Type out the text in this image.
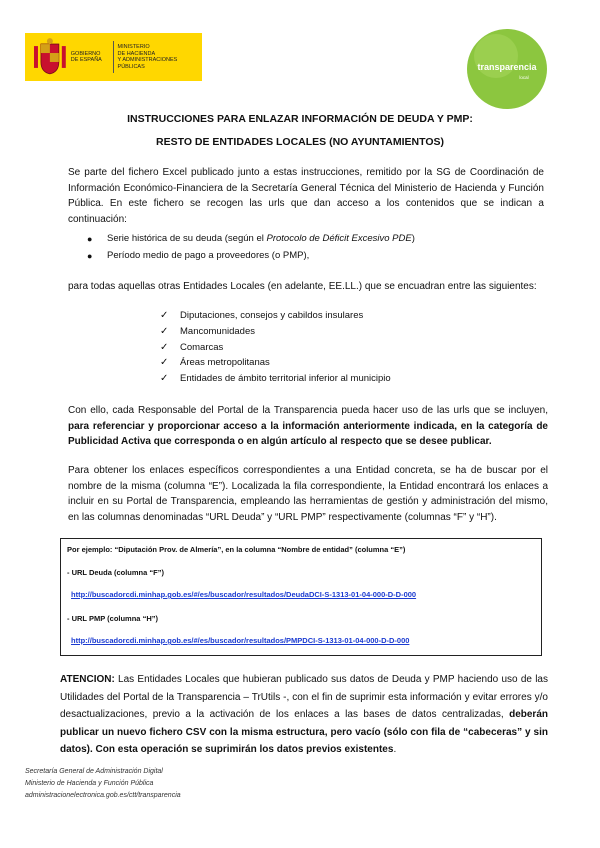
GOBIERNO
DE ESPAÑA
MINISTERIO
DE HACIENDA
Y ADMINISTRACIONES PÚBLICAS	transparencia
local
INSTRUCCIONES PARA ENLAZAR INFORMACIÓN DE DEUDA Y PMP:
RESTO DE ENTIDADES LOCALES (NO AYUNTAMIENTOS)
Se parte del fichero Excel publicado junto a estas instrucciones, remitido por la SG de Coordinación de Información Económico-Financiera de la Secretaría General Técnica del Ministerio de Hacienda y Función Pública. En este fichero se recogen las urls que dan acceso a los contenidos que se indican a continuación:
● Serie histórica de su deuda (según el Protocolo de Déficit Excesivo PDE)
● Período medio de pago a proveedores (o PMP),
para todas aquellas otras Entidades Locales (en adelante, EE.LL.) que se encuadran entre las siguientes:
✓ Diputaciones, consejos y cabildos insulares
✓ Mancomunidades
✓ Comarcas
✓ Áreas metropolitanas
✓ Entidades de ámbito territorial inferior al municipio
Con ello, cada Responsable del Portal de la Transparencia pueda hacer uso de las urls que se incluyen, para referenciar y proporcionar acceso a la información anteriormente indicada, en la categoría de Publicidad Activa que corresponda o en algún artículo al respecto que se desee publicar.
Para obtener los enlaces específicos correspondientes a una Entidad concreta, se ha de buscar por el nombre de la misma (columna “E”). Localizada la fila correspondiente, la Entidad encontrará los enlaces a incluir en su Portal de Transparencia, empleando las herramientas de gestión y administración del mismo, en las columnas denominadas “URL Deuda” y “URL PMP” respectivamente (columnas “F” y “H”).
Por ejemplo: “Diputación Prov. de Almería”, en la columna “Nombre de entidad” (columna “E”)
- URL Deuda (columna “F”)
http://buscadorcdi.minhap.gob.es/#/es/buscador/resultados/DeudaDCI-S-1313-01-04-000-D-D-000
- URL PMP (columna “H”)
http://buscadorcdi.minhap.gob.es/#/es/buscador/resultados/PMPDCI-S-1313-01-04-000-D-D-000
ATENCION: Las Entidades Locales que hubieran publicado sus datos de Deuda y PMP haciendo uso de las Utilidades del Portal de la Transparencia – TrUtils -, con el fin de suprimir esta información y evitar errores y/o desactualizaciones, previo a la activación de los enlaces a las bases de datos centralizadas, deberán publicar un nuevo fichero CSV con la misma estructura, pero vacío (sólo con fila de “cabeceras” y sin datos). Con esta operación se suprimirán los datos previos existentes.
Secretaría General de Administración Digital
Ministerio de Hacienda y Función Pública
administracionelectronica.gob.es/ctt/transparencia
